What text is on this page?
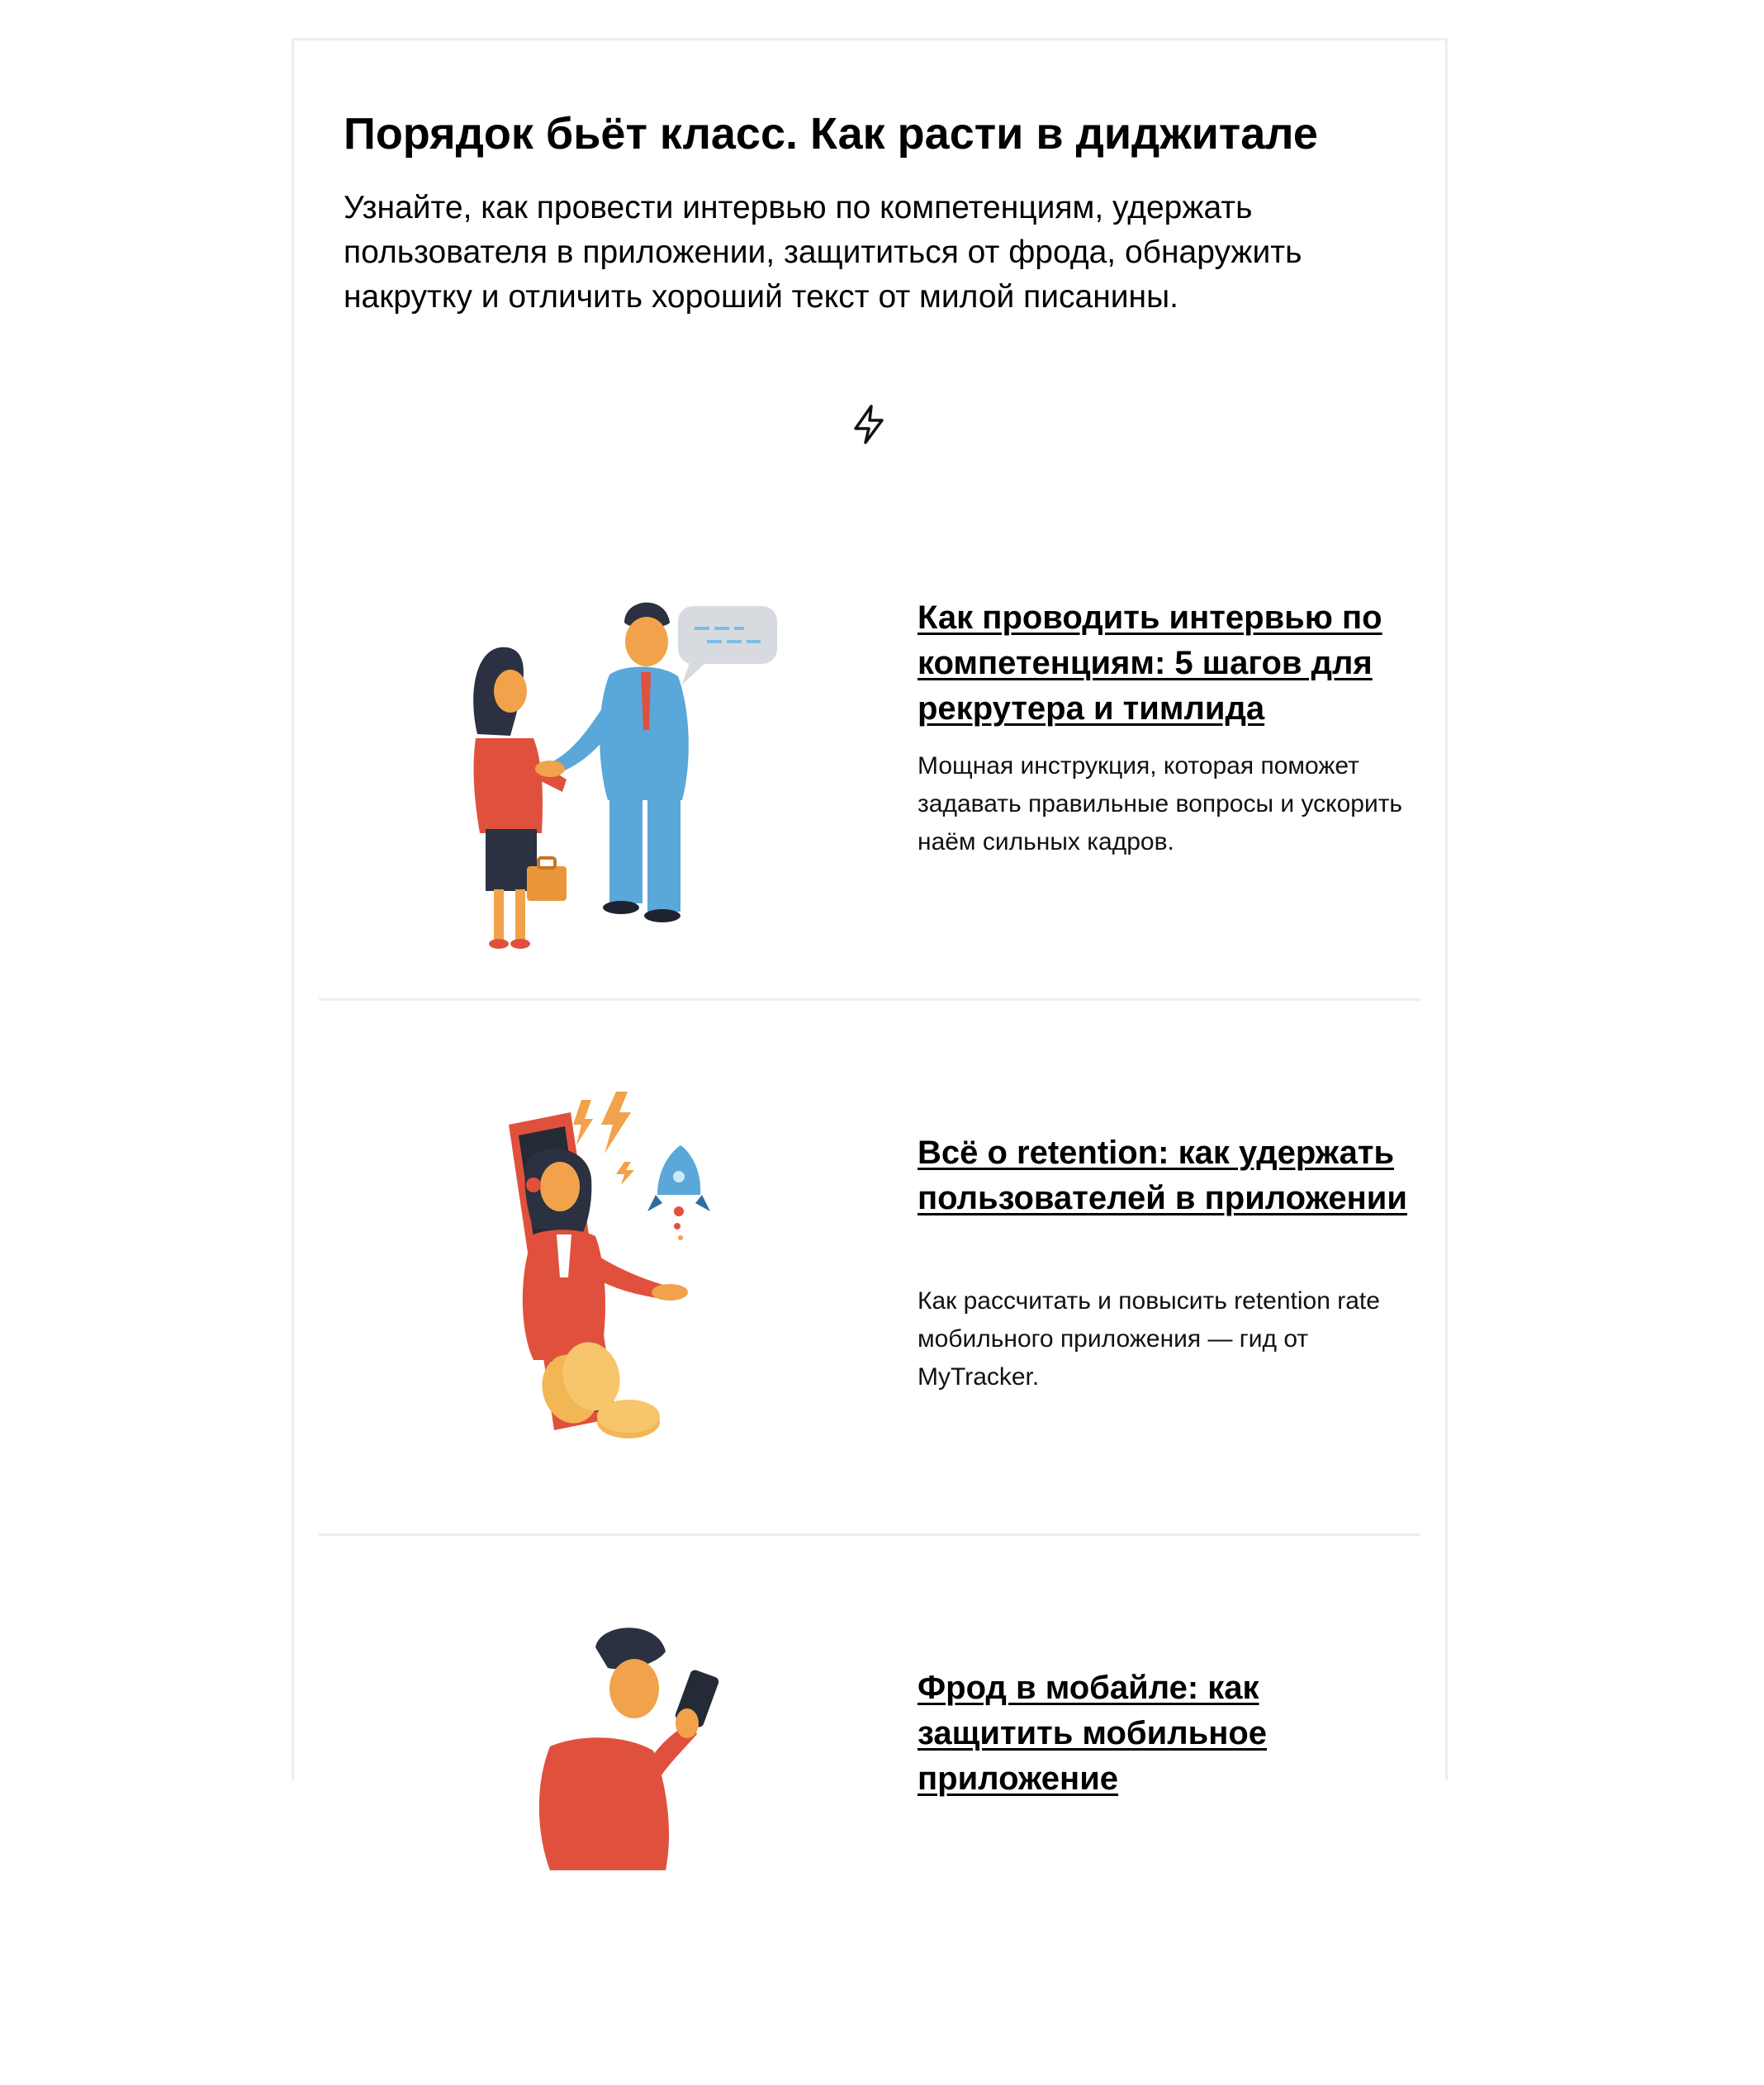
Порядок бьёт класс. Как расти в диджитале

Узнайте, как провести интервью по компетенциям, удержать пользователя в приложении, защититься от фрода, обнаружить накрутку и отличить хороший текст от милой писанины.

Как проводить интервью по компетенциям: 5 шагов для рекрутера и тимлида

Мощная инструкция, которая поможет задавать правильные вопросы и ускорить наём сильных кадров.

Всё о retention: как удержать пользователей в приложении

Как рассчитать и повысить retention rate мобильного приложения — гид от MyTracker.

Фрод в мобайле: как защитить мобильное приложение
